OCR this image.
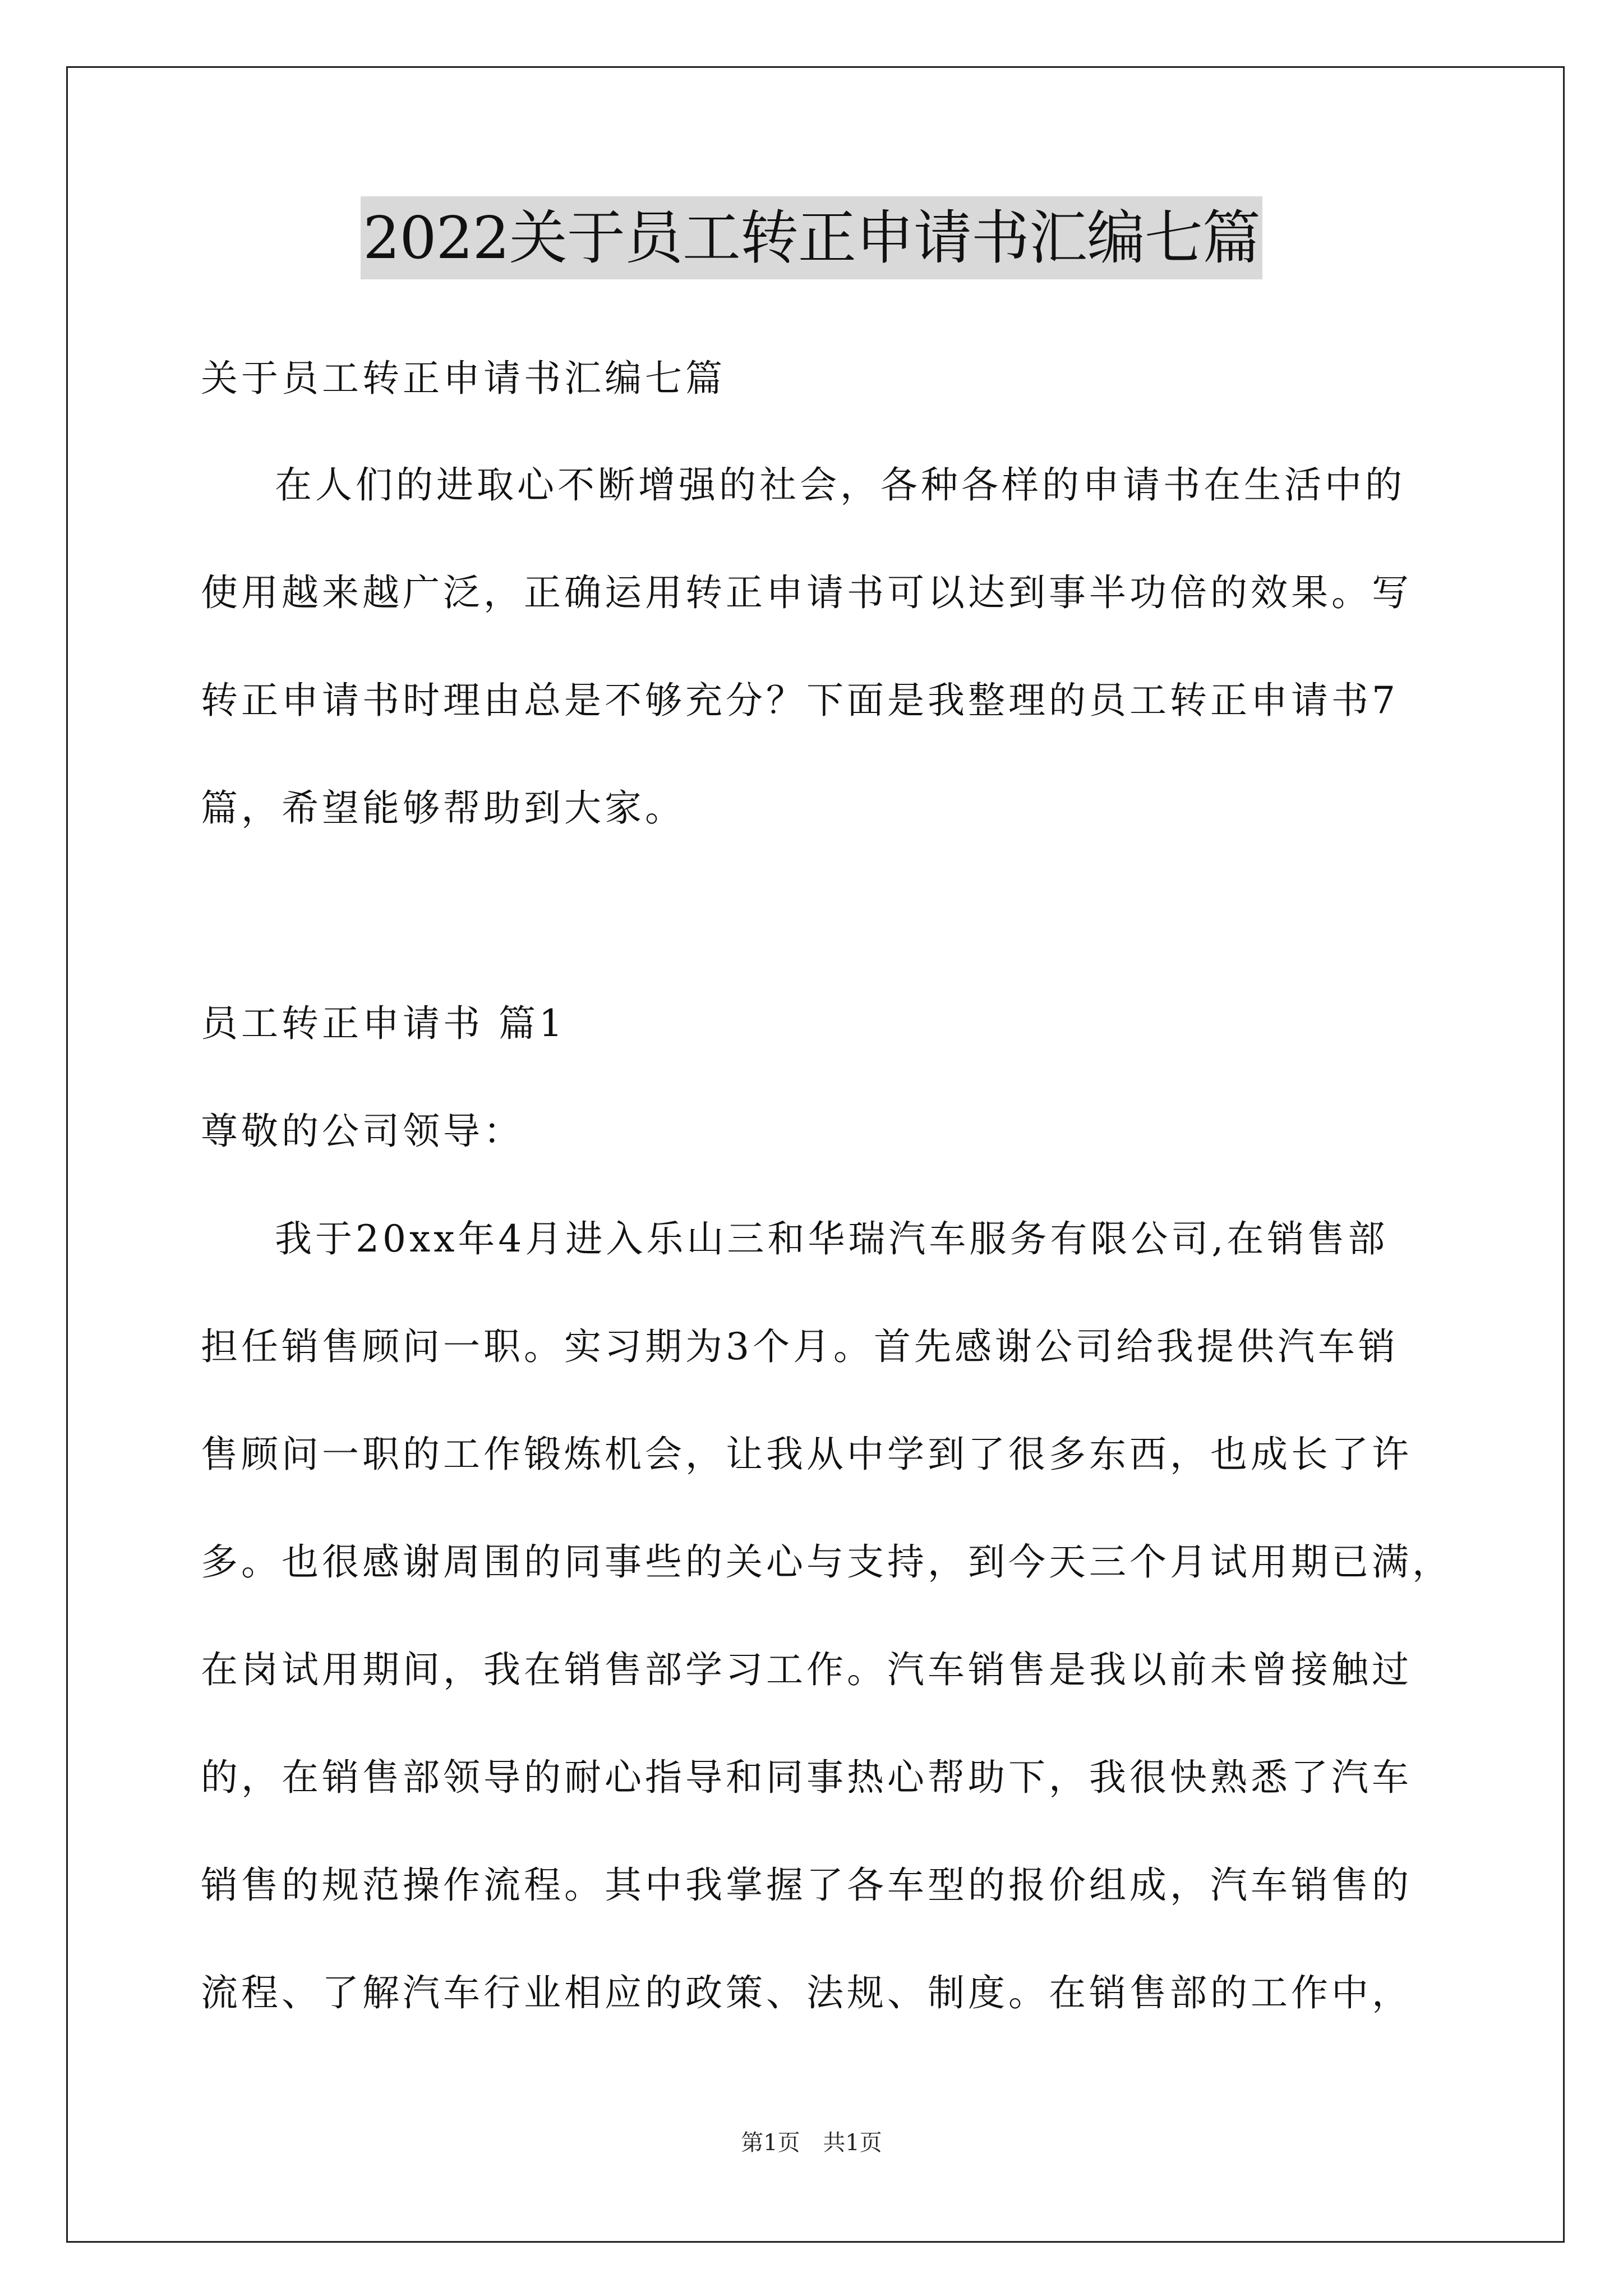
2022关于员工转正申请书汇编七篇
关于员工转正申请书汇编七篇
在人们的进取心不断增强的社会，各种各样的申请书在生活中的
使用越来越广泛，正确运用转正申请书可以达到事半功倍的效果。写
转正申请书时理由总是不够充分？下面是我整理的员工转正申请书7
篇，希望能够帮助到大家。
员工转正申请书 篇1
尊敬的公司领导：
我于20xx年4月进入乐山三和华瑞汽车服务有限公司,在销售部
担任销售顾问一职。实习期为3个月。首先感谢公司给我提供汽车销
售顾问一职的工作锻炼机会，让我从中学到了很多东西，也成长了许
多。也很感谢周围的同事些的关心与支持，到今天三个月试用期已满，
在岗试用期间，我在销售部学习工作。汽车销售是我以前未曾接触过
的，在销售部领导的耐心指导和同事热心帮助下，我很快熟悉了汽车
销售的规范操作流程。其中我掌握了各车型的报价组成，汽车销售的
流程、了解汽车行业相应的政策、法规、制度。在销售部的工作中，
第1页 共1页
